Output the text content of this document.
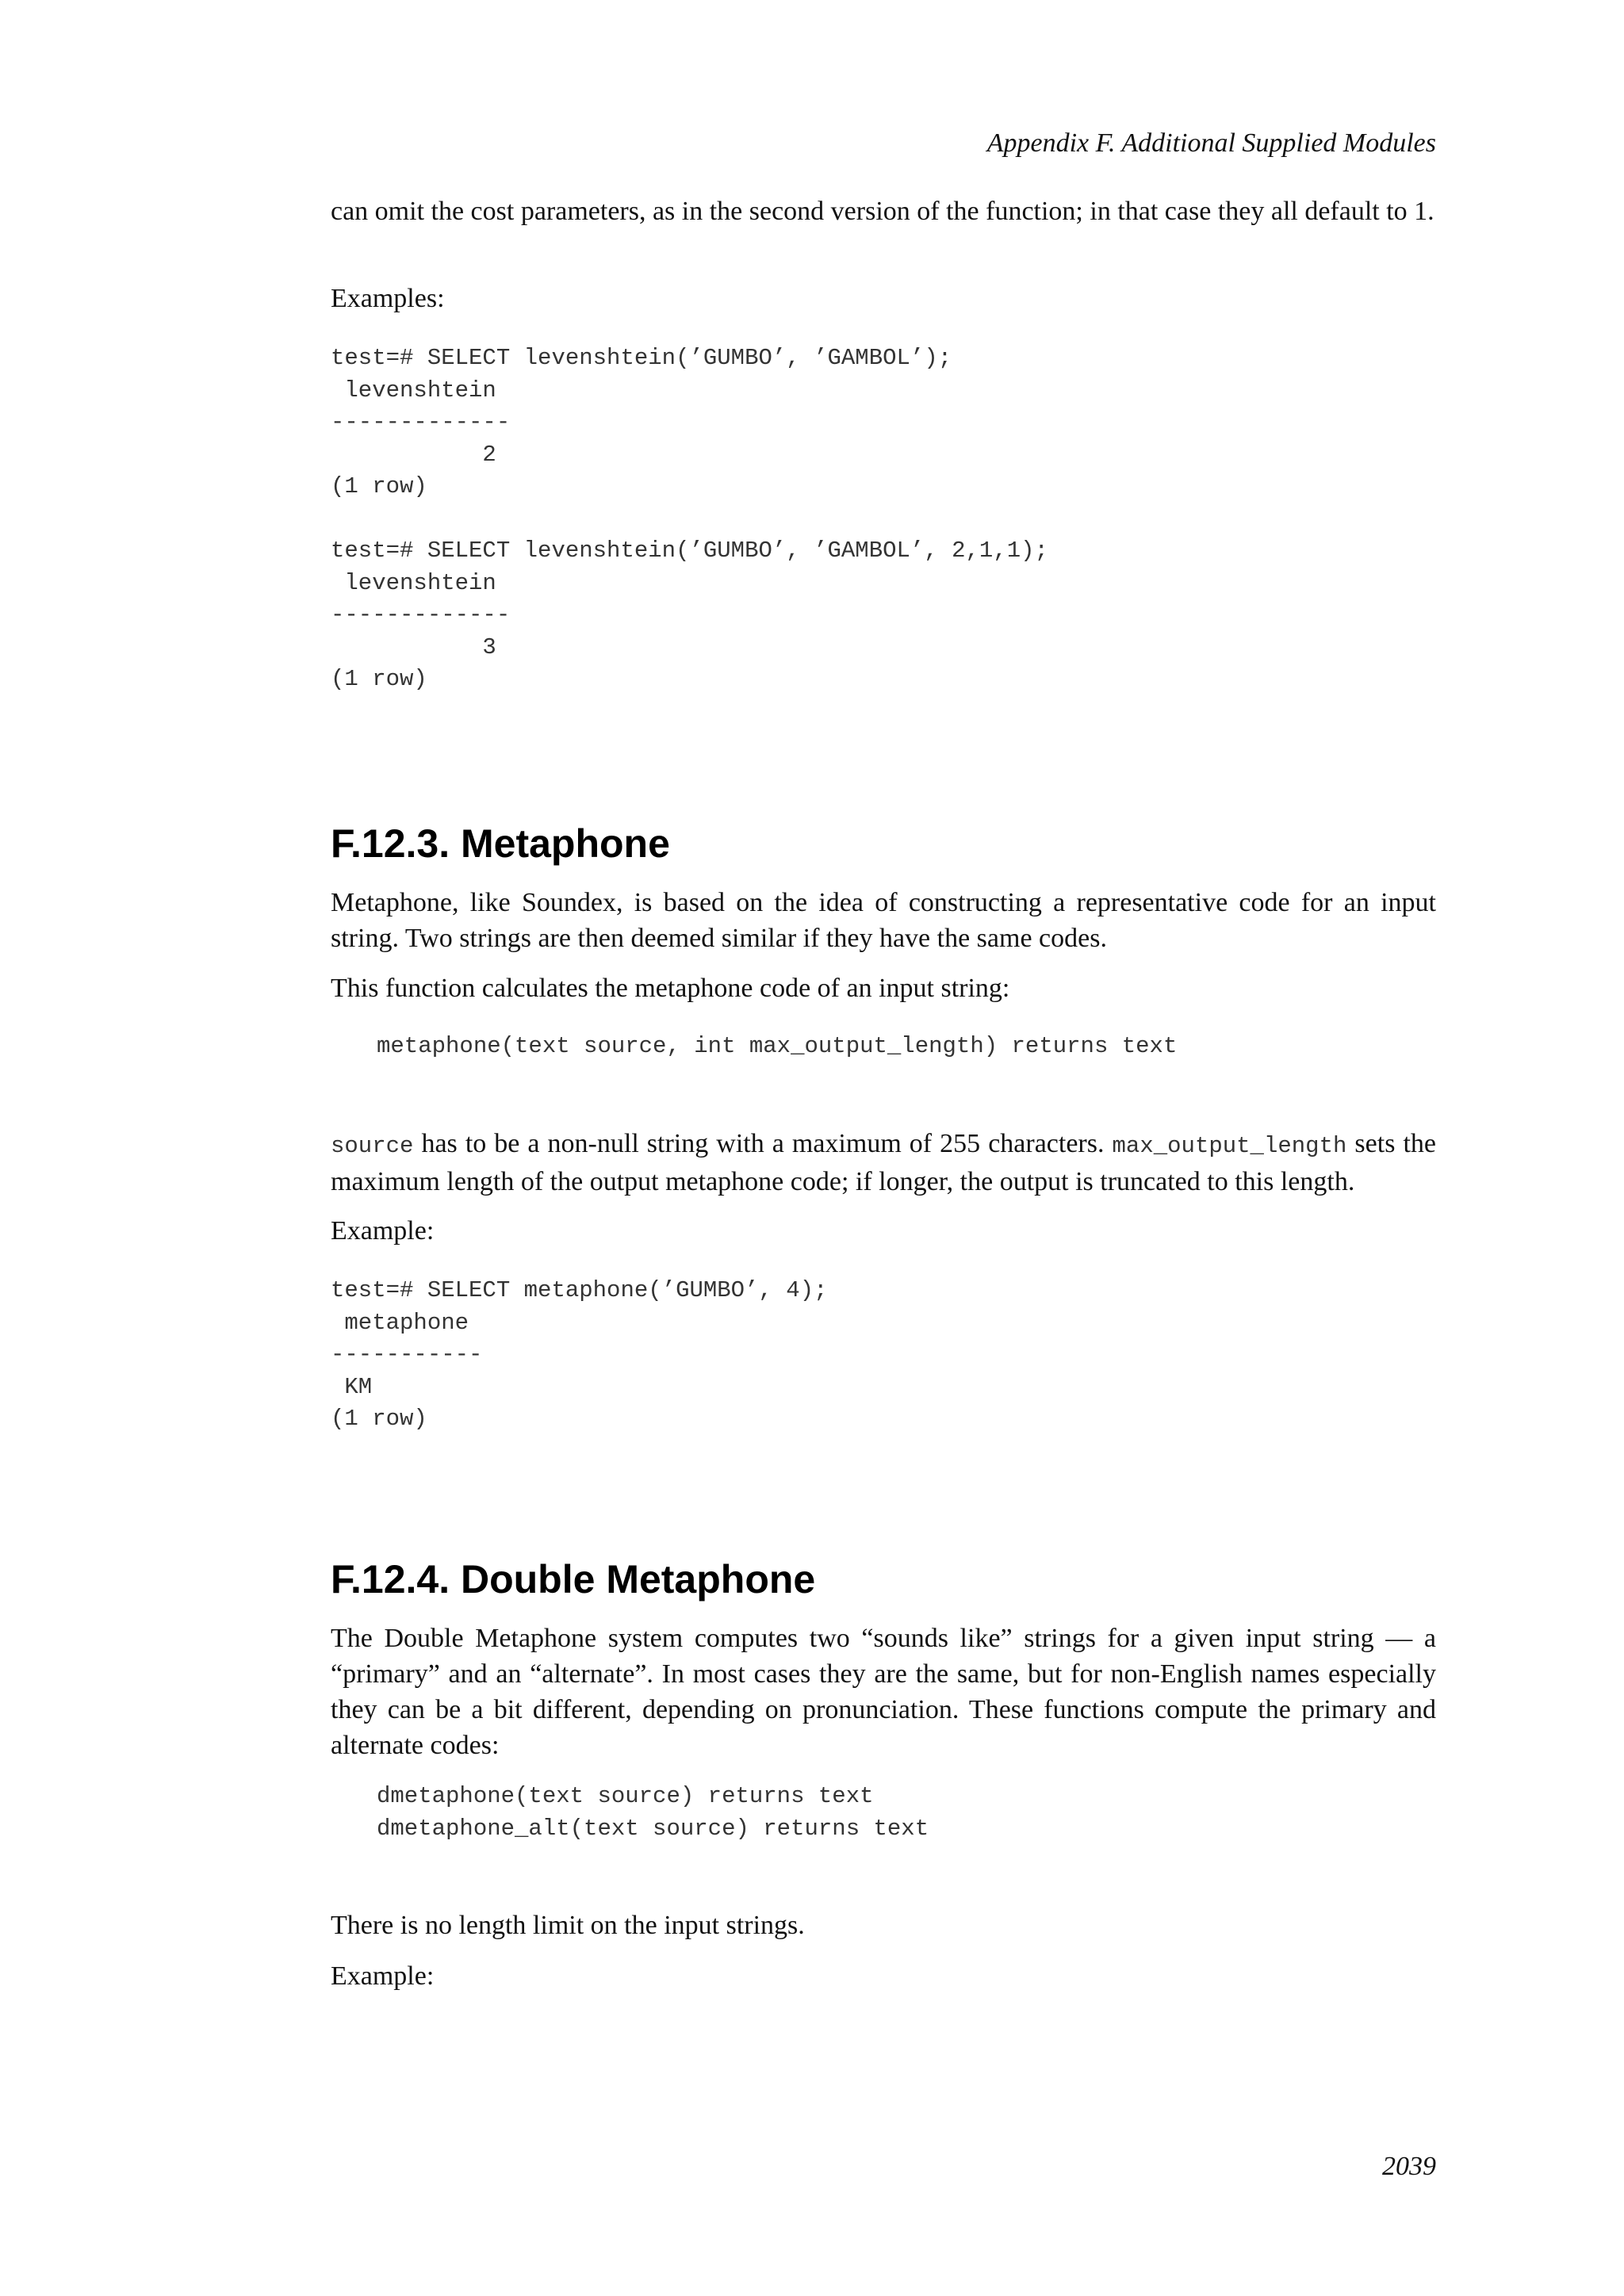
Appendix F. Additional Supplied Modules

can omit the cost parameters, as in the second version of the function; in that case they all default to 1.

Examples:

test=# SELECT levenshtein(’GUMBO’, ’GAMBOL’);
levenshtein
-------------
2
(1 row)

test=# SELECT levenshtein(’GUMBO’, ’GAMBOL’, 2,1,1);
levenshtein
-------------
3
(1 row)
F.12.3. Metaphone

Metaphone, like Soundex, is based on the idea of constructing a representative code for an input string. Two strings are then deemed similar if they have the same codes.

This function calculates the metaphone code of an input string:

metaphone(text source, int max_output_length) returns text

source has to be a non-null string with a maximum of 255 characters. max_output_length sets the maximum length of the output metaphone code; if longer, the output is truncated to this length.

Example:

test=# SELECT metaphone(’GUMBO’, 4);
metaphone
-----------
KM
(1 row)
F.12.4. Double Metaphone

The Double Metaphone system computes two “sounds like” strings for a given input string — a “primary” and an “alternate”. In most cases they are the same, but for non-English names especially they can be a bit different, depending on pronunciation. These functions compute the primary and alternate codes:

dmetaphone(text source) returns text
dmetaphone_alt(text source) returns text

There is no length limit on the input strings.

Example:

2039
